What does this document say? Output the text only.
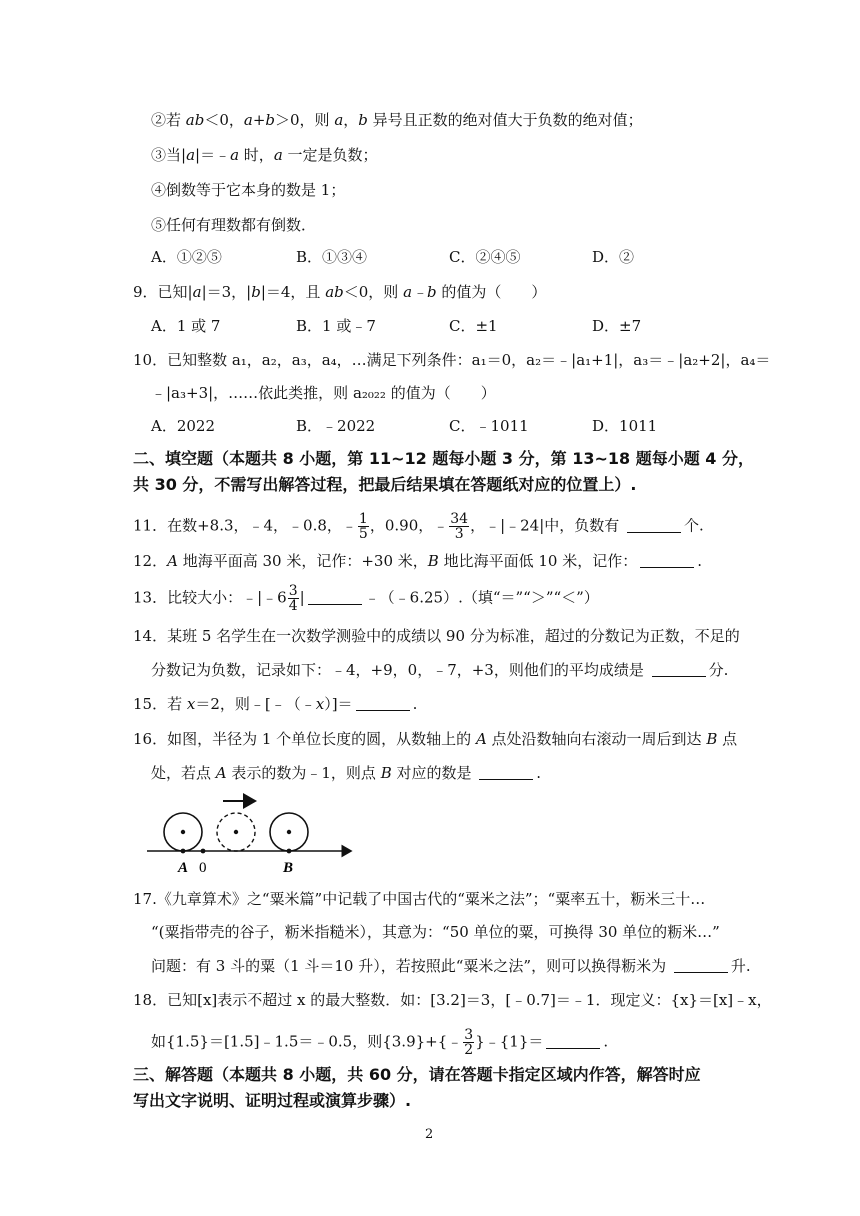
②若 ab＜0，a+b＞0，则 a，b 异号且正数的绝对值大于负数的绝对值；
③当|a|＝﹣a 时，a 一定是负数；
④倒数等于它本身的数是 1；
⑤任何有理数都有倒数．
A．①②⑤	B．①③④	C．②④⑤	D．②
9．已知|a|＝3，|b|＝4，且 ab＜0，则 a﹣b 的值为（　　）
A．1 或 7	B．1 或﹣7	C．±1	D．±7
10．已知整数 a₁，a₂，a₃，a₄，…满足下列条件：a₁＝0，a₂＝﹣|a₁+1|，a₃＝﹣|a₂+2|，a₄＝
﹣|a₃+3|，……依此类推，则 a₂₀₂₂ 的值为（　　）
A．2022	B．﹣2022	C．﹣1011	D．1011
二、填空题（本题共 8 小题，第 11~12 题每小题 3 分，第 13~18 题每小题 4 分，
共 30 分，不需写出解答过程，把最后结果填在答题纸对应的位置上）.
11．在数+8.3，﹣4，﹣0.8，﹣ $\frac{1}{5}$ ，0.90，﹣ $\frac{34}{3}$ ，﹣|﹣24|中，负数有	个.
12．A 地海平面高 30 米，记作：+30 米，B 地比海平面低 10 米，记作：	.
13．比较大小：﹣|﹣6 $\frac{3}{4}$ |	﹣（﹣6.25）.（填“＝”“＞”“＜”）
14．某班 5 名学生在一次数学测验中的成绩以 90 分为标准，超过的分数记为正数，不足的
分数记为负数，记录如下：﹣4，+9，0，﹣7，+3，则他们的平均成绩是	分.
15．若 x＝2，则﹣[﹣（﹣x）]＝	.
16．如图，半径为 1 个单位长度的圆，从数轴上的 A 点处沿数轴向右滚动一周后到达 B 点
处，若点 A 表示的数为﹣1，则点 B 对应的数是	.
A 0	B
17.《九章算术》之“粟米篇”中记载了中国古代的“粟米之法”；“粟率五十，粝米三十…
“(粟指带壳的谷子，粝米指糙米），其意为：“50 单位的粟，可换得 30 单位的粝米…”
问题：有 3 斗的粟（1 斗＝10 升），若按照此“粟米之法”，则可以换得粝米为	升.
18．已知[x]表示不超过 x 的最大整数．如：[3.2]＝3，[﹣0.7]＝﹣1．现定义：{x}＝[x]﹣x，
如{1.5}＝[1.5]﹣1.5＝﹣0.5，则{3.9}+{﹣ $\frac{3}{2}$ }﹣{1}＝	.
三、解答题（本题共 8 小题，共 60 分，请在答题卡指定区域内作答，解答时应
写出文字说明、证明过程或演算步骤）.
2
